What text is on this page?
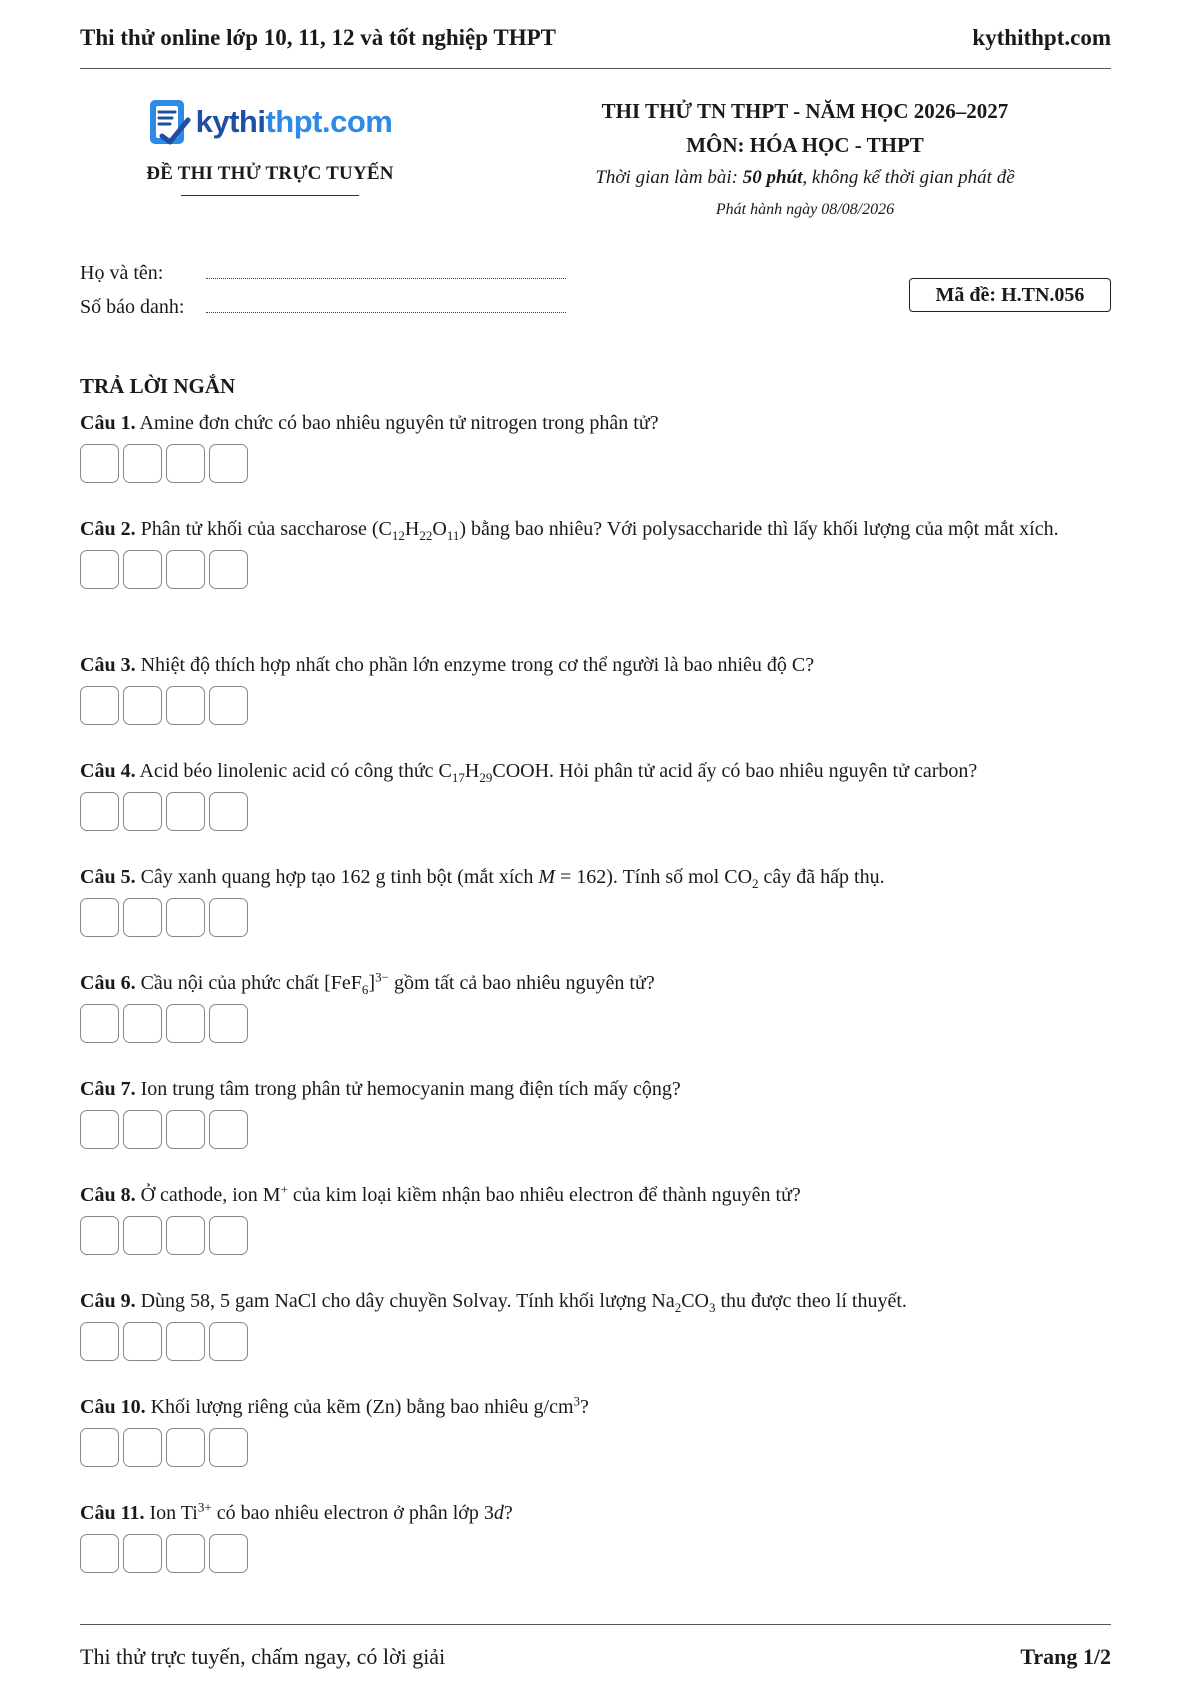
Thi thử online lớp 10, 11, 12 và tốt nghiệp THPT	kythithpt.com
kythithpt.com
ĐỀ THI THỬ TRỰC TUYẾN
THI THỬ TN THPT - NĂM HỌC 2026–2027
MÔN: HÓA HỌC - THPT
Thời gian làm bài: 50 phút, không kể thời gian phát đề
Phát hành ngày 08/08/2026
Họ và tên:
Số báo danh:
Mã đề: H.TN.056
TRẢ LỜI NGẮN
Câu 1. Amine đơn chức có bao nhiêu nguyên tử nitrogen trong phân tử?
Câu 2. Phân tử khối của saccharose $(C_{12}H_{22}O_{11})$ bằng bao nhiêu? Với polysaccharide thì lấy khối lượng của một mắt xích.
Câu 3. Nhiệt độ thích hợp nhất cho phần lớn enzyme trong cơ thể người là bao nhiêu độ C?
Câu 4. Acid béo linolenic acid có công thức $C_{17}H_{29}COOH$. Hỏi phân tử acid ấy có bao nhiêu nguyên tử carbon?
Câu 5. Cây xanh quang hợp tạo 162 g tinh bột (mắt xích M = 162). Tính số mol $CO_2$ cây đã hấp thụ.
Câu 6. Cầu nội của phức chất $[FeF_6]^{3-}$ gồm tất cả bao nhiêu nguyên tử?
Câu 7. Ion trung tâm trong phân tử hemocyanin mang điện tích mấy cộng?
Câu 8. Ở cathode, ion M+ của kim loại kiềm nhận bao nhiêu electron để thành nguyên tử?
Câu 9. Dùng 58, 5 gam NaCl cho dây chuyền Solvay. Tính khối lượng $Na_2CO_3$ thu được theo lí thuyết.
Câu 10. Khối lượng riêng của kẽm (Zn) bằng bao nhiêu $g/cm^3$?
Câu 11. Ion $Ti^{3+}$ có bao nhiêu electron ở phân lớp 3d?
Thi thử trực tuyến, chấm ngay, có lời giải	Trang 1/2
